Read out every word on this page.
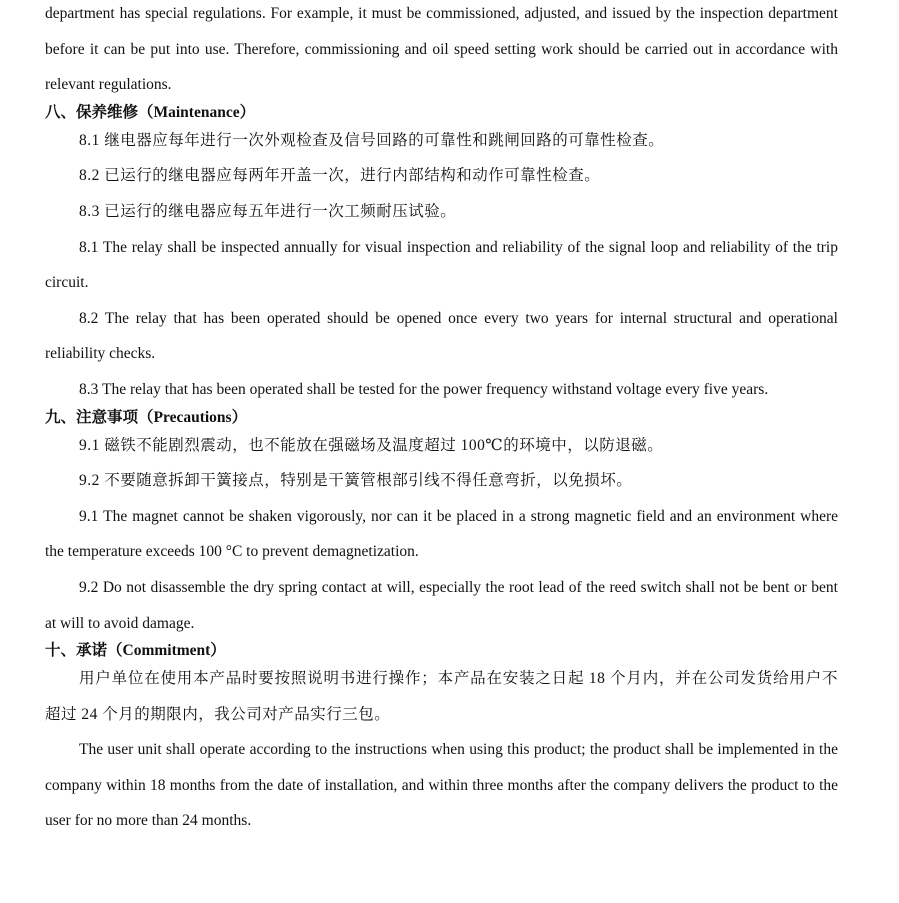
department has special regulations. For example, it must be commissioned, adjusted, and issued by the inspection department before it can be put into use. Therefore, commissioning and oil speed setting work should be carried out in accordance with relevant regulations.

八、保养维修（Maintenance）

8.1 继电器应每年进行一次外观检查及信号回路的可靠性和跳闸回路的可靠性检查。

8.2 已运行的继电器应每两年开盖一次，进行内部结构和动作可靠性检查。

8.3 已运行的继电器应每五年进行一次工频耐压试验。

8.1 The relay shall be inspected annually for visual inspection and reliability of the signal loop and reliability of the trip circuit.

8.2 The relay that has been operated should be opened once every two years for internal structural and operational reliability checks.

8.3 The relay that has been operated shall be tested for the power frequency withstand voltage every five years.

九、注意事项（Precautions）

9.1 磁铁不能剧烈震动，也不能放在强磁场及温度超过 100℃的环境中，以防退磁。

9.2 不要随意拆卸干簧接点，特别是干簧管根部引线不得任意弯折，以免损坏。

9.1 The magnet cannot be shaken vigorously, nor can it be placed in a strong magnetic field and an environment where the temperature exceeds 100 °C to prevent demagnetization.

9.2 Do not disassemble the dry spring contact at will, especially the root lead of the reed switch shall not be bent or bent at will to avoid damage.

十、承诺（Commitment）

用户单位在使用本产品时要按照说明书进行操作；本产品在安装之日起 18 个月内，并在公司发货给用户不超过 24 个月的期限内，我公司对产品实行三包。

The user unit shall operate according to the instructions when using this product; the product shall be implemented in the company within 18 months from the date of installation, and within three months after the company delivers the product to the user for no more than 24 months.
